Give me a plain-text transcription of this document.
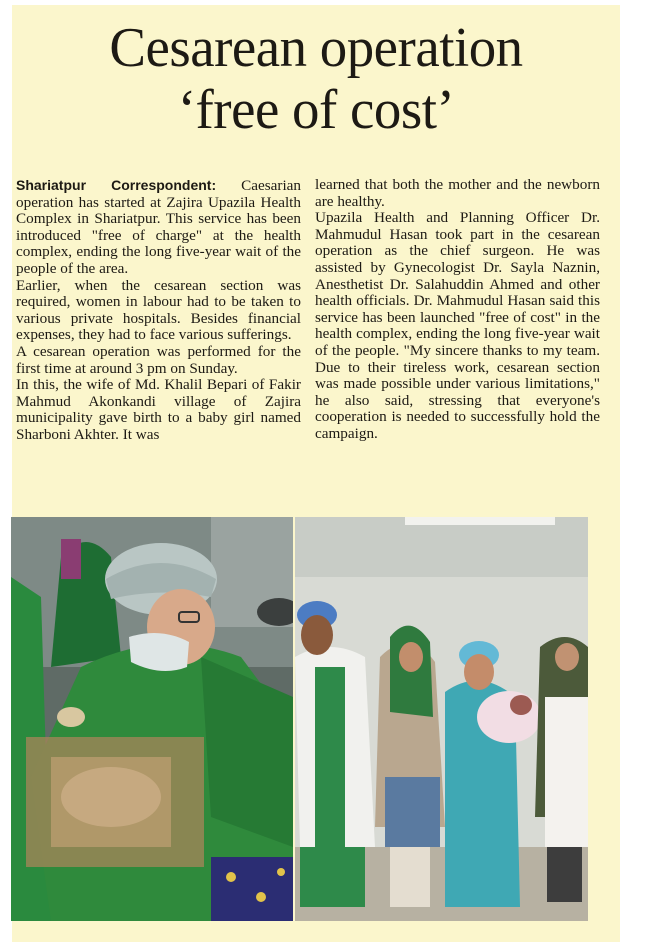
Cesarean operation
‘free of cost’

Shariatpur Correspondent: Caesarian operation has started at Zajira Upazila Health Complex in Shariatpur. This service has been introduced "free of charge" at the health complex, ending the long five-year wait of the people of the area.

Earlier, when the cesarean section was required, women in labour had to be taken to various private hospitals. Besides financial expenses, they had to face various sufferings.

A cesarean operation was performed for the first time at around 3 pm on Sunday.

In this, the wife of Md. Khalil Bepari of Fakir Mahmud Akonkandi village of Zajira municipality gave birth to a baby girl named Sharboni Akhter. It was

learned that both the mother and the newborn are healthy.

Upazila Health and Planning Officer Dr. Mahmudul Hasan took part in the cesarean operation as the chief surgeon. He was assisted by Gynecologist Dr. Sayla Naznin, Anesthetist Dr. Salahuddin Ahmed and other health officials. Dr. Mahmudul Hasan said this service has been launched "free of cost" in the health complex, ending the long five-year wait of the people. "My sincere thanks to my team. Due to their tireless work, cesarean section was made possible under various limitations," he also said, stressing that everyone's cooperation is needed to successfully hold the campaign.
